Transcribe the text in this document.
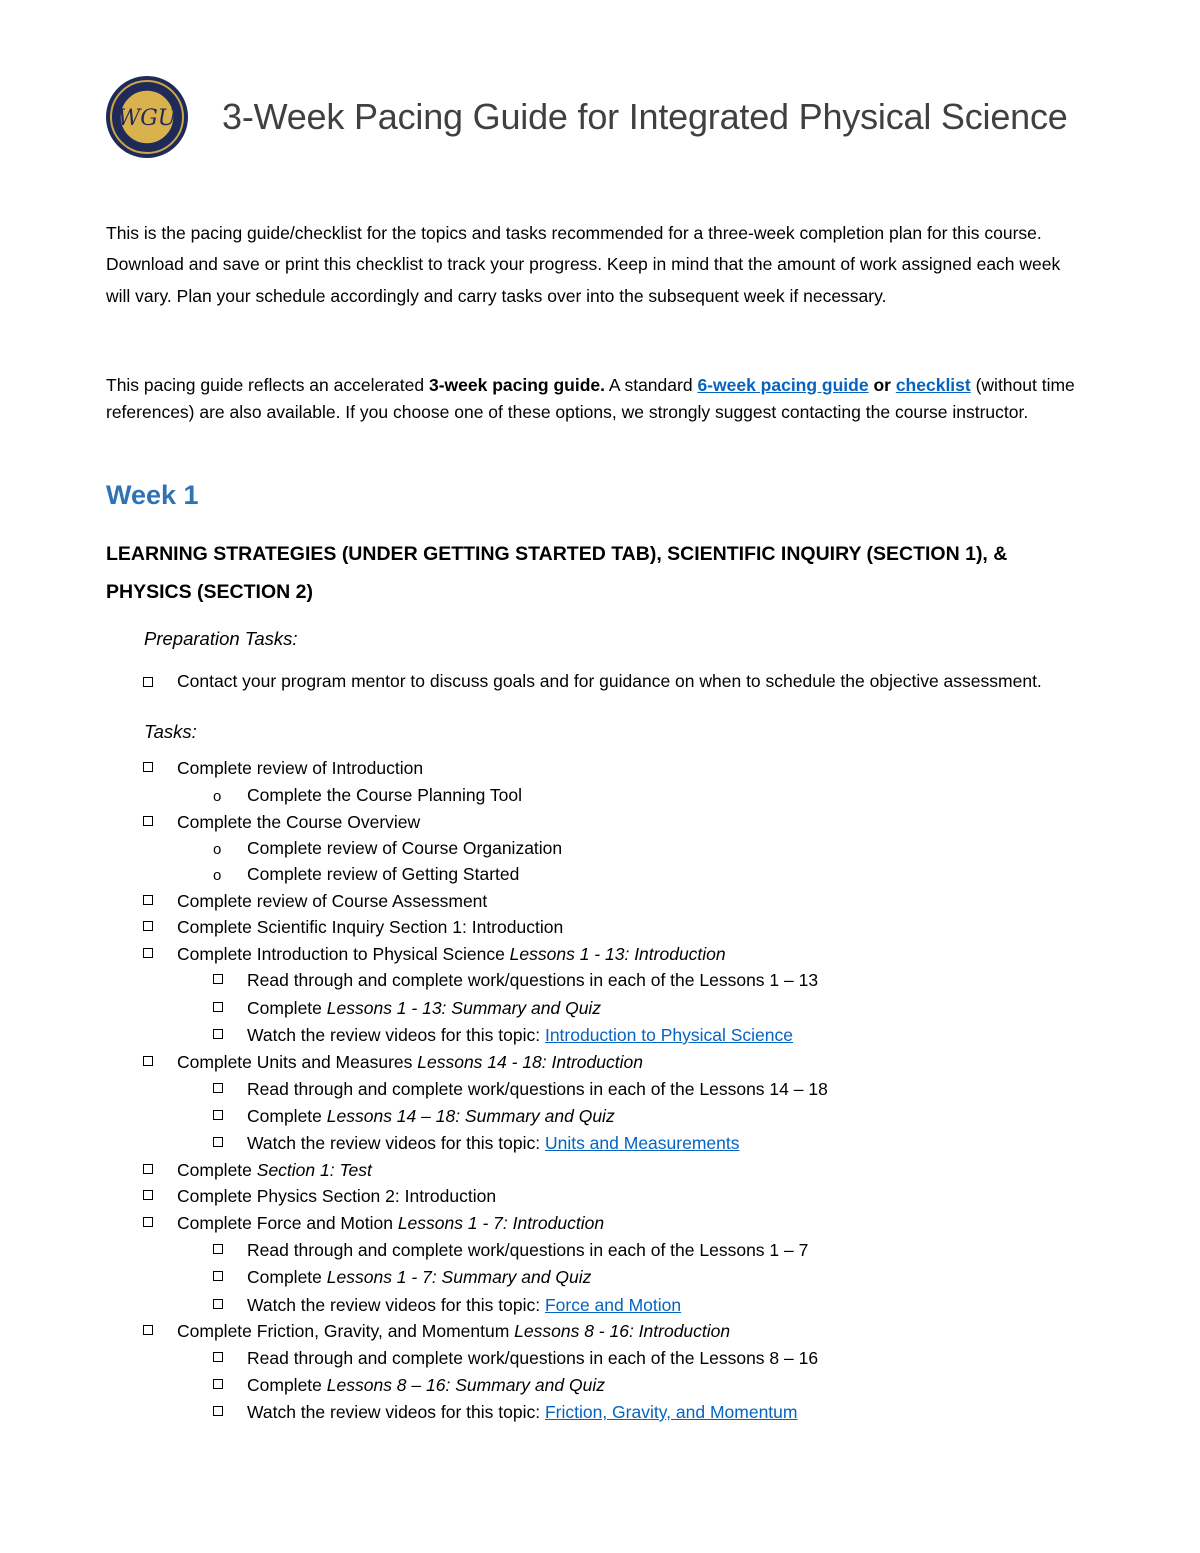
WGU 3-Week Pacing Guide for Integrated Physical Science
This is the pacing guide/checklist for the topics and tasks recommended for a three-week completion plan for this course. Download and save or print this checklist to track your progress. Keep in mind that the amount of work assigned each week will vary. Plan your schedule accordingly and carry tasks over into the subsequent week if necessary.
This pacing guide reflects an accelerated 3-week pacing guide. A standard 6-week pacing guide or checklist (without time references) are also available. If you choose one of these options, we strongly suggest contacting the course instructor.
Week 1
LEARNING STRATEGIES (UNDER GETTING STARTED TAB), SCIENTIFIC INQUIRY (SECTION 1), & PHYSICS (SECTION 2)
Preparation Tasks:
Contact your program mentor to discuss goals and for guidance on when to schedule the objective assessment.
Tasks:
Complete review of Introduction
o Complete the Course Planning Tool
Complete the Course Overview
o Complete review of Course Organization
o Complete review of Getting Started
Complete review of Course Assessment
Complete Scientific Inquiry Section 1: Introduction
Complete Introduction to Physical Science Lessons 1 - 13: Introduction
Read through and complete work/questions in each of the Lessons 1 – 13
Complete Lessons 1 - 13: Summary and Quiz
Watch the review videos for this topic: Introduction to Physical Science
Complete Units and Measures Lessons 14 - 18: Introduction
Read through and complete work/questions in each of the Lessons 14 – 18
Complete Lessons 14 – 18: Summary and Quiz
Watch the review videos for this topic: Units and Measurements
Complete Section 1: Test
Complete Physics Section 2: Introduction
Complete Force and Motion Lessons 1 - 7: Introduction
Read through and complete work/questions in each of the Lessons 1 – 7
Complete Lessons 1 - 7: Summary and Quiz
Watch the review videos for this topic: Force and Motion
Complete Friction, Gravity, and Momentum Lessons 8 - 16: Introduction
Read through and complete work/questions in each of the Lessons 8 – 16
Complete Lessons 8 – 16: Summary and Quiz
Watch the review videos for this topic: Friction, Gravity, and Momentum
